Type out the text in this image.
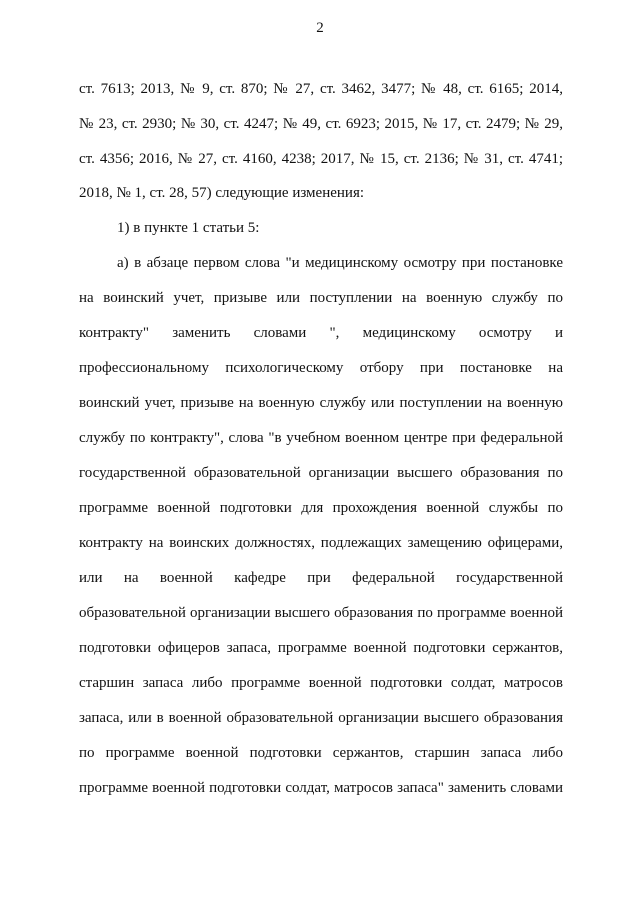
2
ст. 7613; 2013, № 9, ст. 870; № 27, ст. 3462, 3477; № 48, ст. 6165; 2014,
№ 23, ст. 2930; № 30, ст. 4247; № 49, ст. 6923; 2015, № 17, ст. 2479; № 29,
ст. 4356; 2016, № 27, ст. 4160, 4238; 2017, № 15, ст. 2136; № 31, ст. 4741;
2018, № 1, ст. 28, 57) следующие изменения:
1) в пункте 1 статьи 5:
а) в абзаце первом слова "и медицинскому осмотру при постановке
на воинский учет, призыве или поступлении на военную службу по
контракту" заменить словами ", медицинскому осмотру и
профессиональному психологическому отбору при постановке на
воинский учет, призыве на военную службу или поступлении на военную
службу по контракту", слова "в учебном военном центре при федеральной
государственной образовательной организации высшего образования по
программе военной подготовки для прохождения военной службы по
контракту на воинских должностях, подлежащих замещению офицерами,
или на военной кафедре при федеральной государственной
образовательной организации высшего образования по программе военной
подготовки офицеров запаса, программе военной подготовки сержантов,
старшин запаса либо программе военной подготовки солдат, матросов
запаса, или в военной образовательной организации высшего образования
по программе военной подготовки сержантов, старшин запаса либо
программе военной подготовки солдат, матросов запаса" заменить словами
